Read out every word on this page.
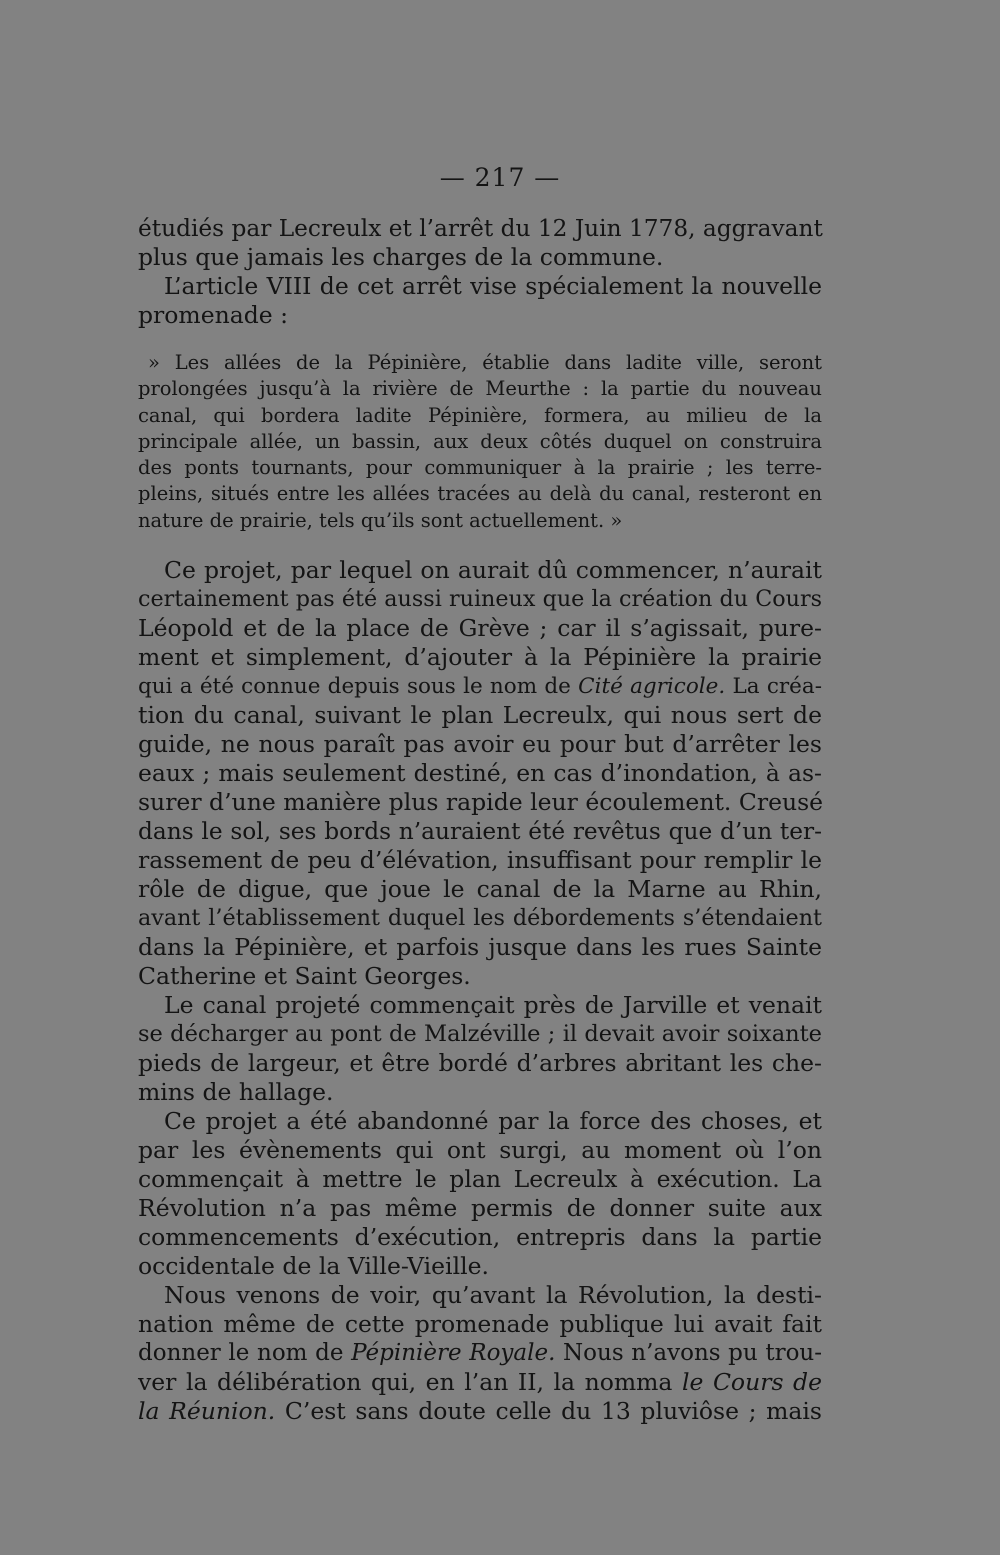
— 217 —
étudiés par Lecreulx et l’arrêt du 12 Juin 1778, aggravant
plus que jamais les charges de la commune.
L’article VIII de cet arrêt vise spécialement la nouvelle
promenade :
» Les allées de la Pépinière, établie dans ladite ville, seront
prolongées jusqu’à la rivière de Meurthe : la partie du nouveau
canal, qui bordera ladite Pépinière, formera, au milieu de la
principale allée, un bassin, aux deux côtés duquel on construira
des ponts tournants, pour communiquer à la prairie ; les terre-
pleins, situés entre les allées tracées au delà du canal, resteront en
nature de prairie, tels qu’ils sont actuellement. »
Ce projet, par lequel on aurait dû commencer, n’aurait
certainement pas été aussi ruineux que la création du Cours
Léopold et de la place de Grève ; car il s’agissait, pure-
ment et simplement, d’ajouter à la Pépinière la prairie
qui a été connue depuis sous le nom de Cité agricole. La créa-
tion du canal, suivant le plan Lecreulx, qui nous sert de
guide, ne nous paraît pas avoir eu pour but d’arrêter les
eaux ; mais seulement destiné, en cas d’inondation, à as-
surer d’une manière plus rapide leur écoulement. Creusé
dans le sol, ses bords n’auraient été revêtus que d’un ter-
rassement de peu d’élévation, insuffisant pour remplir le
rôle de digue, que joue le canal de la Marne au Rhin,
avant l’établissement duquel les débordements s’étendaient
dans la Pépinière, et parfois jusque dans les rues Sainte
Catherine et Saint Georges.
Le canal projeté commençait près de Jarville et venait
se décharger au pont de Malzéville ; il devait avoir soixante
pieds de largeur, et être bordé d’arbres abritant les che-
mins de hallage.
Ce projet a été abandonné par la force des choses, et
par les évènements qui ont surgi, au moment où l’on
commençait à mettre le plan Lecreulx à exécution. La
Révolution n’a pas même permis de donner suite aux
commencements d’exécution, entrepris dans la partie
occidentale de la Ville-Vieille.
Nous venons de voir, qu’avant la Révolution, la desti-
nation même de cette promenade publique lui avait fait
donner le nom de Pépinière Royale. Nous n’avons pu trou-
ver la délibération qui, en l’an II, la nomma le Cours de
la Réunion. C’est sans doute celle du 13 pluviôse ; mais
